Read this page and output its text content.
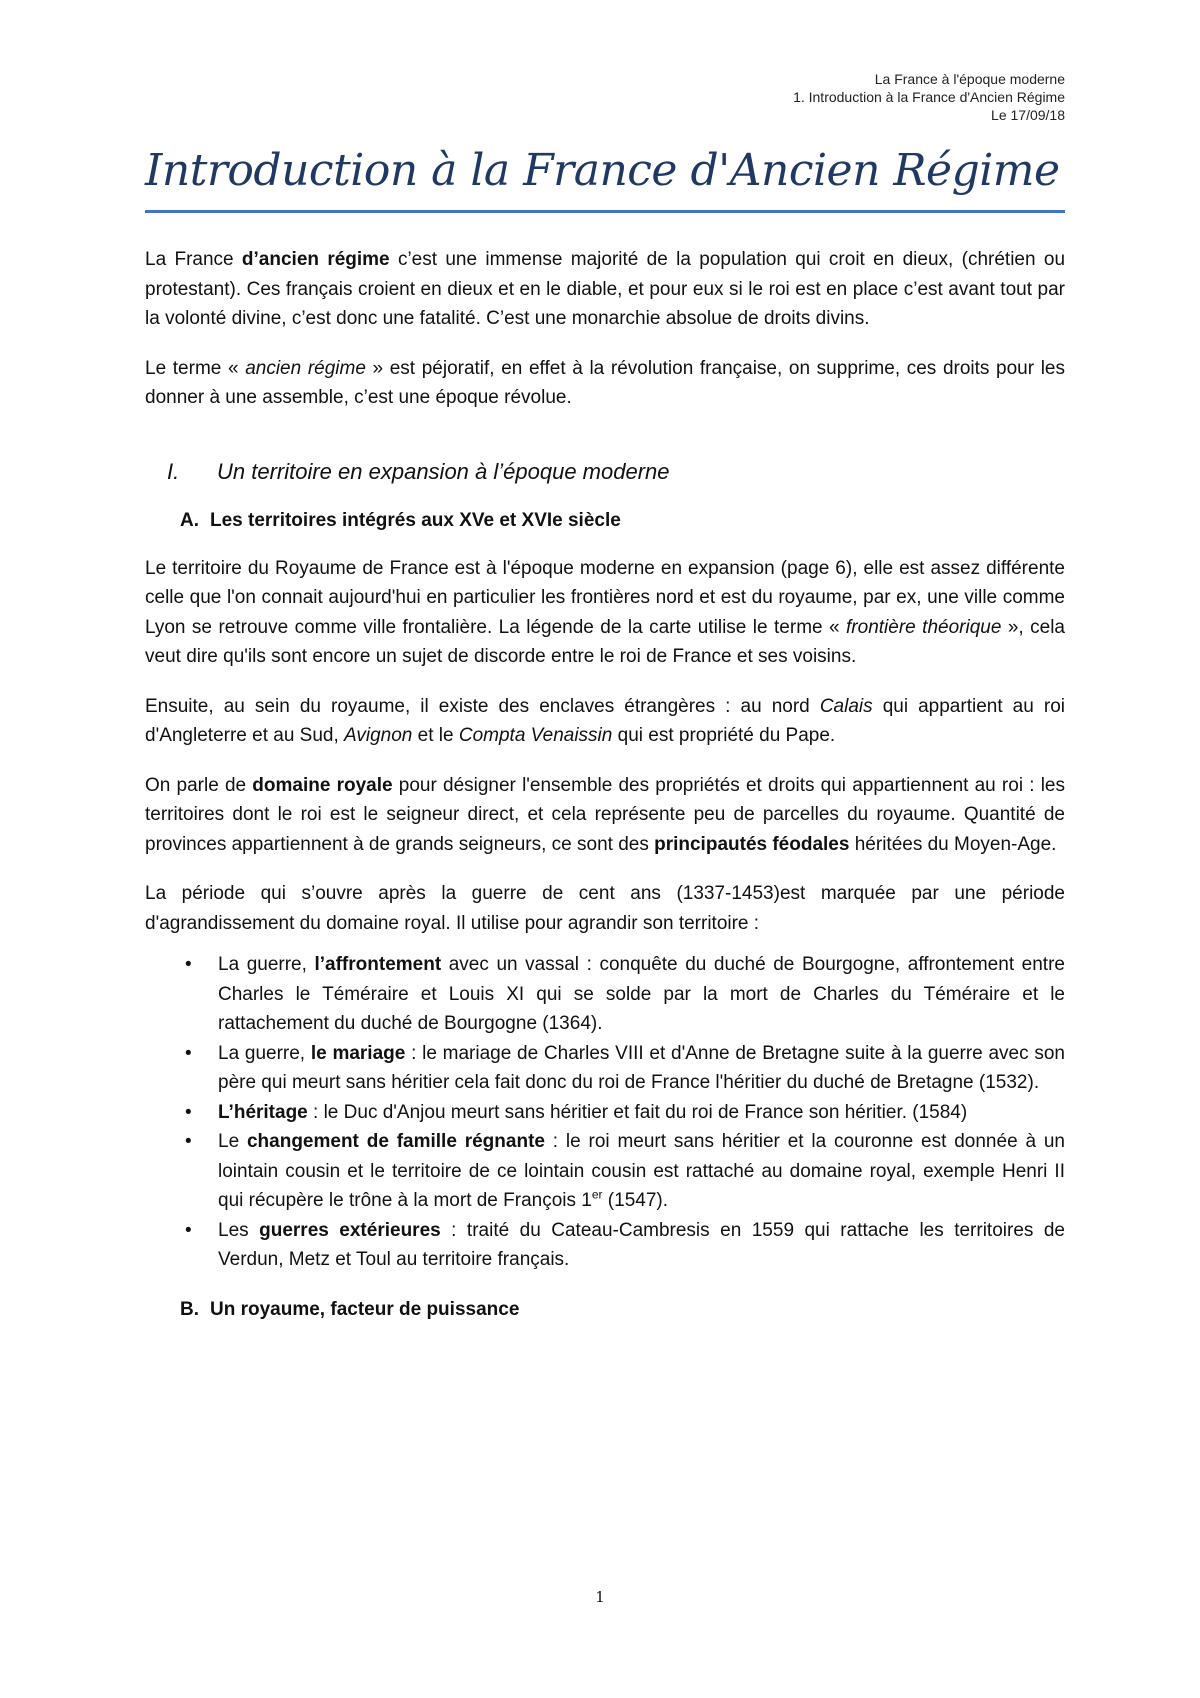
La France à l'époque moderne
1. Introduction à la France d'Ancien Régime
Le 17/09/18
Introduction à la France d'Ancien Régime

La France d’ancien régime c’est une immense majorité de la population qui croit en dieux, (chrétien ou protestant). Ces français croient en dieux et en le diable, et pour eux si le roi est en place c’est avant tout par la volonté divine, c’est donc une fatalité. C’est une monarchie absolue de droits divins.

Le terme « ancien régime » est péjoratif, en effet à la révolution française, on supprime, ces droits pour les donner à une assemble, c’est une époque révolue.

I.	Un territoire en expansion à l’époque moderne
A. Les territoires intégrés aux XVe et XVIe siècle

Le territoire du Royaume de France est à l'époque moderne en expansion (page 6), elle est assez différente celle que l'on connait aujourd'hui en particulier les frontières nord et est du royaume, par ex, une ville comme Lyon se retrouve comme ville frontalière. La légende de la carte utilise le terme « frontière théorique », cela veut dire qu'ils sont encore un sujet de discorde entre le roi de France et ses voisins.

Ensuite, au sein du royaume, il existe des enclaves étrangères : au nord Calais qui appartient au roi d'Angleterre et au Sud, Avignon et le Compta Venaissin qui est propriété du Pape.

On parle de domaine royale pour désigner l'ensemble des propriétés et droits qui appartiennent au roi : les territoires dont le roi est le seigneur direct, et cela représente peu de parcelles du royaume. Quantité de provinces appartiennent à de grands seigneurs, ce sont des principautés féodales héritées du Moyen-Age.

La période qui s’ouvre après la guerre de cent ans (1337-1453)est marquée par une période d'agrandissement du domaine royal. Il utilise pour agrandir son territoire :

• La guerre, l’affrontement avec un vassal : conquête du duché de Bourgogne, affrontement entre Charles le Téméraire et Louis XI qui se solde par la mort de Charles du Téméraire et le rattachement du duché de Bourgogne (1364).
• La guerre, le mariage : le mariage de Charles VIII et d'Anne de Bretagne suite à la guerre avec son père qui meurt sans héritier cela fait donc du roi de France l'héritier du duché de Bretagne (1532).
• L’héritage : le Duc d'Anjou meurt sans héritier et fait du roi de France son héritier. (1584)
• Le changement de famille régnante : le roi meurt sans héritier et la couronne est donnée à un lointain cousin et le territoire de ce lointain cousin est rattaché au domaine royal, exemple Henri II qui récupère le trône à la mort de François 1er (1547).
• Les guerres extérieures : traité du Cateau-Cambresis en 1559 qui rattache les territoires de Verdun, Metz et Toul au territoire français.
B. Un royaume, facteur de puissance
1
